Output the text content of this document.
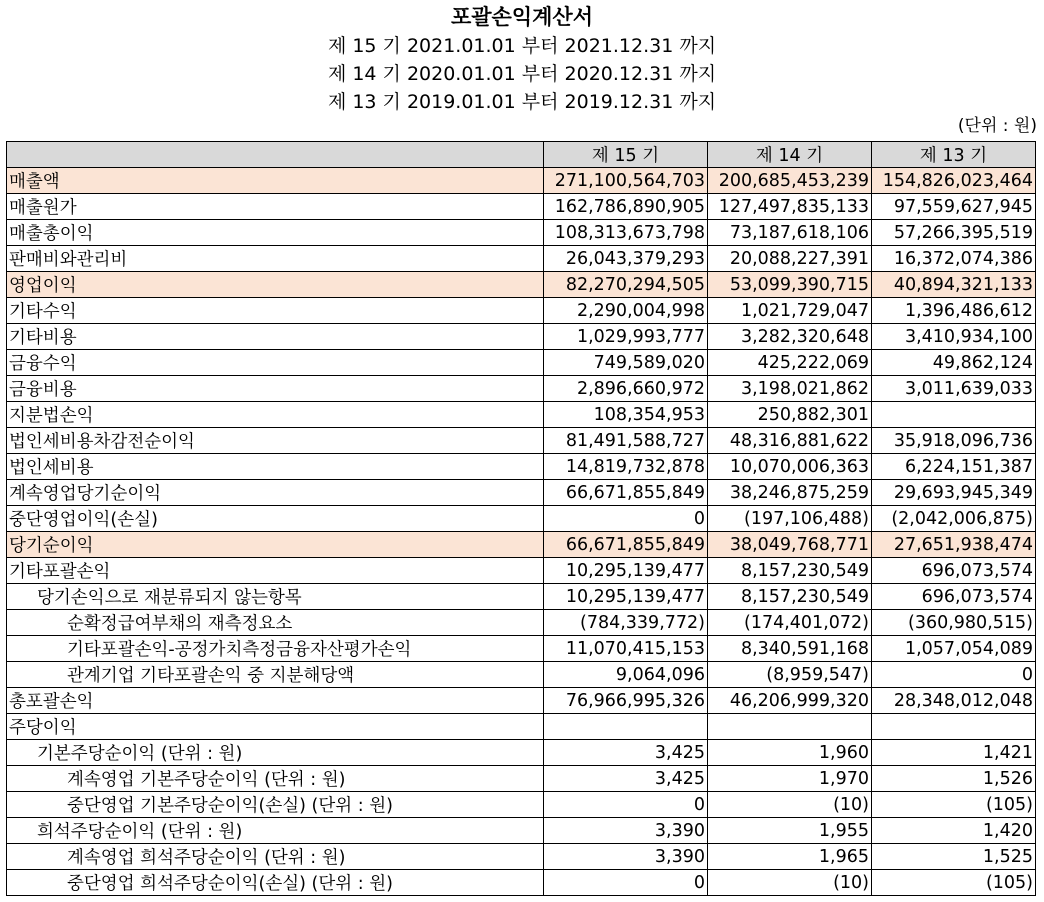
포괄손익계산서
제 15 기 2021.01.01 부터 2021.12.31 까지
제 14 기 2020.01.01 부터 2020.12.31 까지
제 13 기 2019.01.01 부터 2019.12.31 까지
(단위 : 원)
	제 15 기	제 14 기	제 13 기
매출액	271,100,564,703	200,685,453,239	154,826,023,464
매출원가	162,786,890,905	127,497,835,133	97,559,627,945
매출총이익	108,313,673,798	73,187,618,106	57,266,395,519
판매비와관리비	26,043,379,293	20,088,227,391	16,372,074,386
영업이익	82,270,294,505	53,099,390,715	40,894,321,133
기타수익	2,290,004,998	1,021,729,047	1,396,486,612
기타비용	1,029,993,777	3,282,320,648	3,410,934,100
금융수익	749,589,020	425,222,069	49,862,124
금융비용	2,896,660,972	3,198,021,862	3,011,639,033
지분법손익	108,354,953	250,882,301	
법인세비용차감전순이익	81,491,588,727	48,316,881,622	35,918,096,736
법인세비용	14,819,732,878	10,070,006,363	6,224,151,387
계속영업당기순이익	66,671,855,849	38,246,875,259	29,693,945,349
중단영업이익(손실)	0	(197,106,488)	(2,042,006,875)
당기순이익	66,671,855,849	38,049,768,771	27,651,938,474
기타포괄손익	10,295,139,477	8,157,230,549	696,073,574
당기손익으로 재분류되지 않는항목	10,295,139,477	8,157,230,549	696,073,574
순확정급여부채의 재측정요소	(784,339,772)	(174,401,072)	(360,980,515)
기타포괄손익-공정가치측정금융자산평가손익	11,070,415,153	8,340,591,168	1,057,054,089
관계기업 기타포괄손익 중 지분해당액	9,064,096	(8,959,547)	0
총포괄손익	76,966,995,326	46,206,999,320	28,348,012,048
주당이익			
기본주당순이익 (단위 : 원)	3,425	1,960	1,421
계속영업 기본주당순이익 (단위 : 원)	3,425	1,970	1,526
중단영업 기본주당순이익(손실) (단위 : 원)	0	(10)	(105)
희석주당순이익 (단위 : 원)	3,390	1,955	1,420
계속영업 희석주당순이익 (단위 : 원)	3,390	1,965	1,525
중단영업 희석주당순이익(손실) (단위 : 원)	0	(10)	(105)
